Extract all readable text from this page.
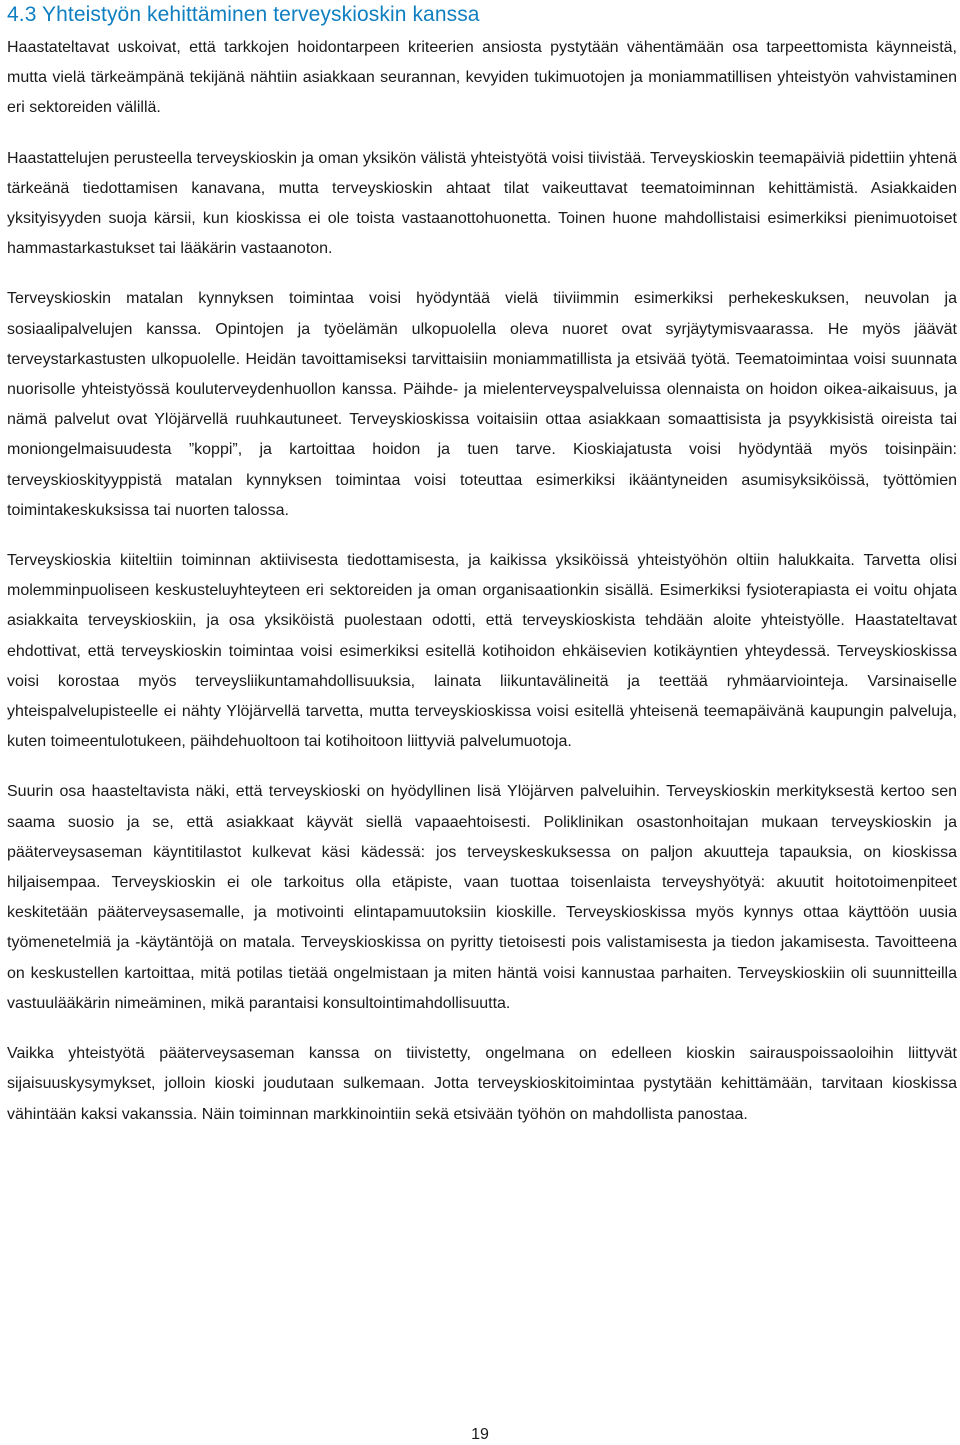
4.3 Yhteistyön kehittäminen terveyskioskin kanssa

Haastateltavat uskoivat, että tarkkojen hoidontarpeen kriteerien ansiosta pystytään vähentämään osa tarpeettomista käynneistä, mutta vielä tärkeämpänä tekijänä nähtiin asiakkaan seurannan, kevyiden tukimuotojen ja moniammatillisen yhteistyön vahvistaminen eri sektoreiden välillä.

Haastattelujen perusteella terveyskioskin ja oman yksikön välistä yhteistyötä voisi tiivistää. Terveyskioskin teemapäiviä pidettiin yhtenä tärkeänä tiedottamisen kanavana, mutta terveyskioskin ahtaat tilat vaikeuttavat teematoiminnan kehittämistä. Asiakkaiden yksityisyyden suoja kärsii, kun kioskissa ei ole toista vastaanottohuonetta. Toinen huone mahdollistaisi esimerkiksi pienimuotoiset hammastarkastukset tai lääkärin vastaanoton.

Terveyskioskin matalan kynnyksen toimintaa voisi hyödyntää vielä tiiviimmin esimerkiksi perhekeskuksen, neuvolan ja sosiaalipalvelujen kanssa. Opintojen ja työelämän ulkopuolella oleva nuoret ovat syrjäytymisvaarassa. He myös jäävät terveystarkastusten ulkopuolelle. Heidän tavoittamiseksi tarvittaisiin moniammatillista ja etsivää työtä. Teematoimintaa voisi suunnata nuorisolle yhteistyössä kouluterveydenhuollon kanssa. Päihde- ja mielenterveyspalveluissa olennaista on hoidon oikea-aikaisuus, ja nämä palvelut ovat Ylöjärvellä ruuhkautuneet. Terveyskioskissa voitaisiin ottaa asiakkaan somaattisista ja psyykkisistä oireista tai moniongelmaisuudesta ”koppi”, ja kartoittaa hoidon ja tuen tarve. Kioskiajatusta voisi hyödyntää myös toisinpäin: terveyskioskityyppistä matalan kynnyksen toimintaa voisi toteuttaa esimerkiksi ikääntyneiden asumisyksiköissä, työttömien toimintakeskuksissa tai nuorten talossa.

Terveyskioskia kiiteltiin toiminnan aktiivisesta tiedottamisesta, ja kaikissa yksiköissä yhteistyöhön oltiin halukkaita. Tarvetta olisi molemminpuoliseen keskusteluyhteyteen eri sektoreiden ja oman organisaationkin sisällä. Esimerkiksi fysioterapiasta ei voitu ohjata asiakkaita terveyskioskiin, ja osa yksiköistä puolestaan odotti, että terveyskioskista tehdään aloite yhteistyölle. Haastateltavat ehdottivat, että terveyskioskin toimintaa voisi esimerkiksi esitellä kotihoidon ehkäisevien kotikäyntien yhteydessä. Terveyskioskissa voisi korostaa myös terveysliikuntamahdollisuuksia, lainata liikuntavälineitä ja teettää ryhmäarviointeja. Varsinaiselle yhteispalvelupisteelle ei nähty Ylöjärvellä tarvetta, mutta terveyskioskissa voisi esitellä yhteisenä teemapäivänä kaupungin palveluja, kuten toimeentulotukeen, päihdehuoltoon tai kotihoitoon liittyviä palvelumuotoja.

Suurin osa haasteltavista näki, että terveyskioski on hyödyllinen lisä Ylöjärven palveluihin. Terveyskioskin merkityksestä kertoo sen saama suosio ja se, että asiakkaat käyvät siellä vapaaehtoisesti. Poliklinikan osastonhoitajan mukaan terveyskioskin ja pääterveysaseman käyntitilastot kulkevat käsi kädessä: jos terveyskeskuksessa on paljon akuutteja tapauksia, on kioskissa hiljaisempaa. Terveyskioskin ei ole tarkoitus olla etäpiste, vaan tuottaa toisenlaista terveyshyötyä: akuutit hoitotoimenpiteet keskitetään pääterveysasemalle, ja motivointi elintapamuutoksiin kioskille. Terveyskioskissa myös kynnys ottaa käyttöön uusia työmenetelmiä ja -käytäntöjä on matala. Terveyskioskissa on pyritty tietoisesti pois valistamisesta ja tiedon jakamisesta. Tavoitteena on keskustellen kartoittaa, mitä potilas tietää ongelmistaan ja miten häntä voisi kannustaa parhaiten. Terveyskioskiin oli suunnitteilla vastuulääkärin nimeäminen, mikä parantaisi konsultointimahdollisuutta.

Vaikka yhteistyötä pääterveysaseman kanssa on tiivistetty, ongelmana on edelleen kioskin sairauspoissaoloihin liittyvät sijaisuuskysymykset, jolloin kioski joudutaan sulkemaan. Jotta terveyskioskitoimintaa pystytään kehittämään, tarvitaan kioskissa vähintään kaksi vakanssia. Näin toiminnan markkinointiin sekä etsivään työhön on mahdollista panostaa.

19
